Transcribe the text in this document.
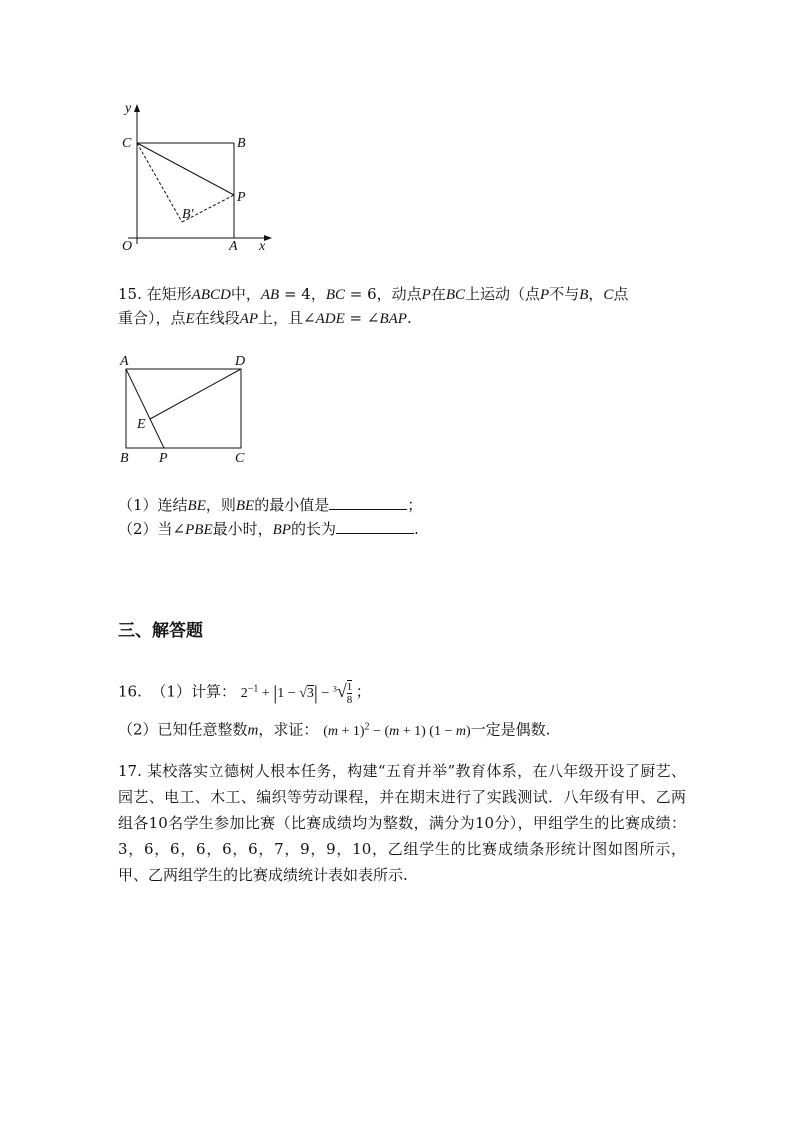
y
C	B
P
B′
O	A x
15. 在矩形ABCD中，AB = 4，BC = 6，动点P在BC上运动（点P不与B，C点
重合），点E在线段AP上，且∠ADE = ∠BAP.
A	D
E
B P	C
（1）连结BE，则BE的最小值是	；
（2）当∠PBE最小时，BP的长为	.
三、解答题
16. （1）计算： $2^{-1} + |1 - √3| - ^3√ \frac{1}{8}$ ；
（2）已知任意整数m，求证： $(m + 1)^2 - (m + 1)$ (1 − m)一定是偶数.
17. 某校落实立德树人根本任务，构建“五育并举”教育体系，在八年级开设了厨艺、园艺、电工、木工、编织等劳动课程，并在期末进行了实践测试．八年级有甲、乙两组各10名学生参加比赛（比赛成绩均为整数，满分为10分），甲组学生的比赛成绩：3，6，6，6，6，6，7，9，9，10，乙组学生的比赛成绩条形统计图如图所示，甲、乙两组学生的比赛成绩统计表如表所示.
